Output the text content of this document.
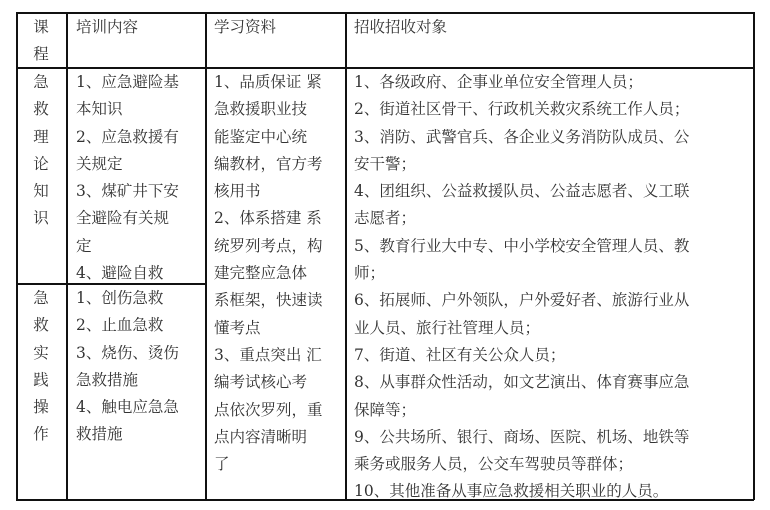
课程
培训内容	学习资料	招收招收对象

急

救

理

论

知

识

1、应急避险基

本知识

2、应急救援有

关规定

3、煤矿井下安

全避险有关规

定

4、避险自救

急

救

实

践

操

作

1、创伤急救

2、止血急救

3、烧伤、烫伤

急救措施

4、触电应急急

救措施

1、品质保证 紧

急救援职业技

能鉴定中心统

编教材，官方考

核用书

2、体系搭建 系

统罗列考点，构

建完整应急体

系框架，快速读

懂考点

3、重点突出 汇

编考试核心考

点依次罗列，重

点内容清晰明

了

1、各级政府、企事业单位安全管理人员；

2、街道社区骨干、行政机关救灾系统工作人员；

3、消防、武警官兵、各企业义务消防队成员、公

安干警；

4、团组织、公益救援队员、公益志愿者、义工联

志愿者；

5、教育行业大中专、中小学校安全管理人员、教

师；

6、拓展师、户外领队，户外爱好者、旅游行业从

业人员、旅行社管理人员；

7、街道、社区有关公众人员；

8、从事群众性活动，如文艺演出、体育赛事应急

保障等；

9、公共场所、银行、商场、医院、机场、地铁等

乘务或服务人员，公交车驾驶员等群体；

10、其他准备从事应急救援相关职业的人员。
